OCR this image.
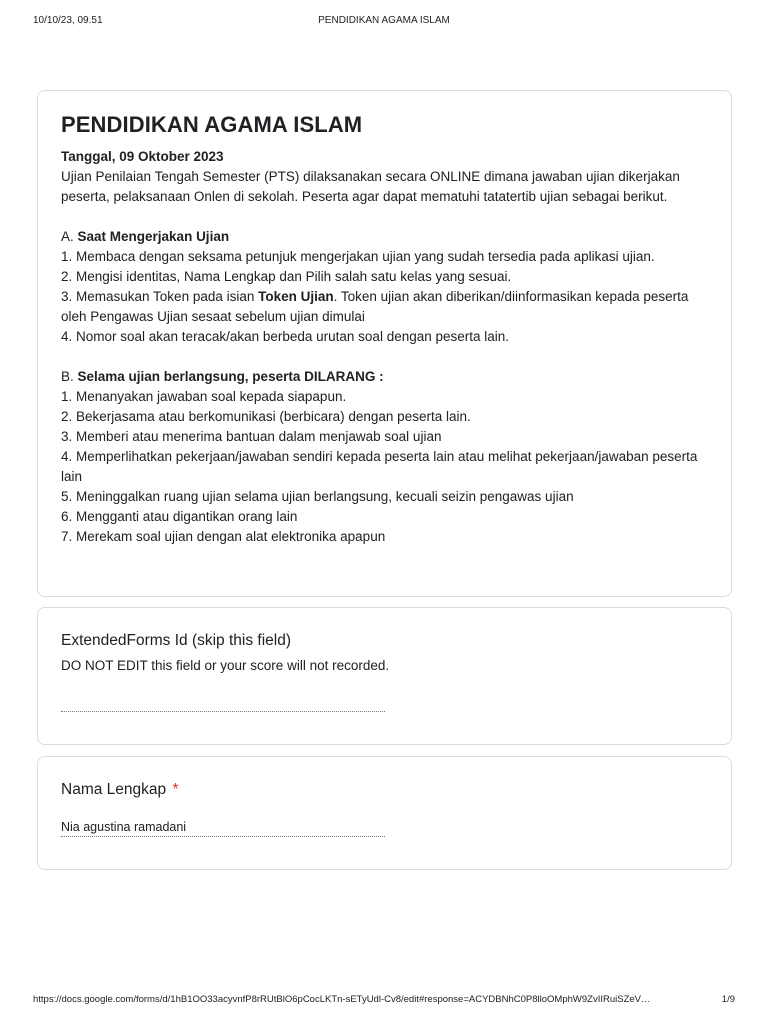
10/10/23, 09.51	PENDIDIKAN AGAMA ISLAM
PENDIDIKAN AGAMA ISLAM

Tanggal, 09 Oktober 2023

Ujian Penilaian Tengah Semester (PTS) dilaksanakan secara ONLINE dimana jawaban ujian dikerjakan peserta, pelaksanaan Onlen di sekolah. Peserta agar dapat mematuhi tatatertib ujian sebagai berikut.

A. Saat Mengerjakan Ujian

1. Membaca dengan seksama petunjuk mengerjakan ujian yang sudah tersedia pada aplikasi ujian.

2. Mengisi identitas, Nama Lengkap dan Pilih salah satu kelas yang sesuai.

3. Memasukan Token pada isian Token Ujian. Token ujian akan diberikan/diinformasikan kepada peserta oleh Pengawas Ujian sesaat sebelum ujian dimulai

4. Nomor soal akan teracak/akan berbeda urutan soal dengan peserta lain.

B. Selama ujian berlangsung, peserta DILARANG :

1. Menanyakan jawaban soal kepada siapapun.

2. Bekerjasama atau berkomunikasi (berbicara) dengan peserta lain.

3. Memberi atau menerima bantuan dalam menjawab soal ujian

4. Memperlihatkan pekerjaan/jawaban sendiri kepada peserta lain atau melihat pekerjaan/jawaban peserta lain

5. Meninggalkan ruang ujian selama ujian berlangsung, kecuali seizin pengawas ujian

6. Mengganti atau digantikan orang lain

7. Merekam soal ujian dengan alat elektronika apapun

ExtendedForms Id (skip this field)
DO NOT EDIT this field or your score will not recorded.
Nama Lengkap *
Nia agustina ramadani
https://docs.google.com/forms/d/1hB1OO33acyvnfP8rRUtBlO6pCocLKTn-sETyUdl-Cv8/edit#response=ACYDBNhC0P8lloOMphW9ZvIIRuiSZeV…	1/9
